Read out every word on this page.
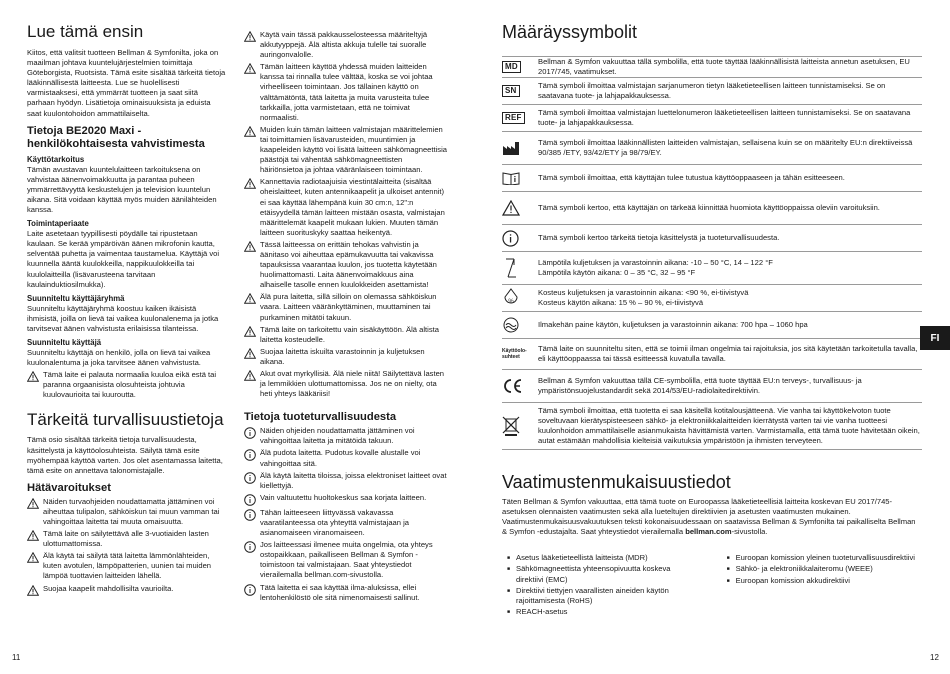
Lue tämä ensin

Kiitos, että valitsit tuotteen Bellman & Symfonilta, joka on maailman johtava kuuntelujärjestelmien toimittaja Göteborgista, Ruotsista. Tämä esite sisältää tärkeitä tietoja lääkinnällisestä laitteesta. Lue se huolellisesti varmistaaksesi, että ymmärrät tuotteen ja saat siitä parhaan hyödyn. Lisätietoja ominaisuuksista ja eduista saat kuulontohoidon ammattilaiselta.

Tietoja BE2020 Maxi -henkilökohtaisesta vahvistimesta
Käyttötarkoitus

Tämän avustavan kuuntelulaitteen tarkoituksena on vahvistaa äänenvoimakkuutta ja parantaa puheen ymmärrettävyyttä keskustelujen ja television kuuntelun aikana. Sitä voidaan käyttää myös muiden äänilähteiden kanssa.

Toimintaperiaate

Laite asetetaan tyypillisesti pöydälle tai ripustetaan kaulaan. Se kerää ympäröivän äänen mikrofonin kautta, selventää puhetta ja vaimentaa taustamelua. Käyttäjä voi kuunnella ääntä kuulokkeilla, nappikuulokkeilla tai kuulolaitteilla (lisävarusteena tarvitaan kaulainduktiosilmukka).

Suunniteltu käyttäjäryhmä

Suunniteltu käyttäjäryhmä koostuu kaiken ikäisistä ihmisistä, joilla on lievä tai vaikea kuulonalenema ja jotka tarvitsevat äänen vahvistusta erilaisissa tilanteissa.

Suunniteltu käyttäjä

Suunniteltu käyttäjä on henkilö, jolla on lievä tai vaikea kuulonalentuma ja joka tarvitsee äänen vahvistusta.

Tämä laite ei palauta normaalia kuuloa eikä estä tai paranna orgaanisista olosuhteista johtuvia kuulovaurioita tai kuuroutta.
Tärkeitä turvallisuustietoja

Tämä osio sisältää tärkeitä tietoja turvallisuudesta, käsittelystä ja käyttöolosuhteista. Säilytä tämä esite myöhempää käyttöä varten. Jos olet asentamassa laitetta, tämä esite on annettava talonomistajalle.

Hätävaroitukset
Näiden turvaohjeiden noudattamatta jättäminen voi aiheuttaa tulipalon, sähköiskun tai muun vamman tai vahingoittaa laitetta tai muuta omaisuutta.
Tämä laite on säilytettävä alle 3-vuotiaiden lasten ulottumattomissa.
Älä käytä tai säilytä tätä laitetta lämmönlähteiden, kuten avotulen, lämpöpatterien, uunien tai muiden lämpöä tuottavien laitteiden lähellä.
Suojaa kaapelit mahdollisilta vaurioilta.
Käytä vain tässä pakkausselosteessa määriteltyjä akkutyyppejä. Älä altista akkuja tulelle tai suoralle auringonvalolle.
Tämän laitteen käyttöä yhdessä muiden laitteiden kanssa tai rinnalla tulee välttää, koska se voi johtaa virheelliseen toimintaan. Jos tällainen käyttö on välttämätöntä, tätä laitetta ja muita varusteita tulee tarkkailla, jotta varmistetaan, että ne toimivat normaalisti.
Muiden kuin tämän laitteen valmistajan määrittelemien tai toimittamien lisävarusteiden, muuntimien ja kaapeleiden käyttö voi lisätä laitteen sähkömagneettisia päästöjä tai vähentää sähkömagneettisten häiriönsietoa ja johtaa vääränlaiseen toimintaan.
Kannettavia radiotaajuisia viestintälaitteita (sisältää oheislaitteet, kuten antennikaapelit ja ulkoiset antennit) ei saa käyttää lähempänä kuin 30 cm:n, 12":n etäisyydellä tämän laitteen mistään osasta, valmistajan määrittelemät kaapelit mukaan lukien. Muuten tämän laitteen suorituskyky saattaa heikentyä.
Tässä laitteessa on erittäin tehokas vahvistin ja äänitaso voi aiheuttaa epämukavuutta tai vakavissa tapauksissa vaarantaa kuulon, jos tuotetta käytetään huolimattomasti. Laita äänenvoimakkuus aina alhaiselle tasolle ennen kuulokkeiden asettamista!
Älä pura laitetta, sillä silloin on olemassa sähköiskun vaara. Laitteen vääränkyttäminen, muuttaminen tai purkaminen mitätöi takuun.
Tämä laite on tarkoitettu vain sisäkäyttöön. Älä altista laitetta kosteudelle.
Suojaa laitetta iskuilta varastoinnin ja kuljetuksen aikana.
Akut ovat myrkyllisiä. Älä niele niitä! Säilytettävä lasten ja lemmikkien ulottumattomissa. Jos ne on nielty, ota heti yhteys lääkäriisi!
Tietoja tuoteturvallisuudesta
Näiden ohjeiden noudattamatta jättäminen voi vahingoittaa laitetta ja mitätöidä takuun.
Älä pudota laitetta. Pudotus kovalle alustalle voi vahingoittaa sitä.
Älä käytä laitetta tiloissa, joissa elektroniset laitteet ovat kiellettyjä.
Vain valtuutettu huoltokeskus saa korjata laitteen.
Tähän laitteeseen liittyvässä vakavassa vaaratilanteessa ota yhteyttä valmistajaan ja asianomaiseen viranomaiseen.
Jos laitteessasi ilmenee muita ongelmia, ota yhteys ostopaikkaan, paikalliseen Bellman & Symfon -toimistoon tai valmistajaan. Saat yhteystiedot vierailemalla bellman.com-sivustolla.
Tätä laitetta ei saa käyttää ilma-aluksissa, ellei lentohenkilöstö ole sitä nimenomaisesti sallinut.
11
Määräyssymbolit
MD
Bellman & Symfon vakuuttaa tällä symbolilla, että tuote täyttää lääkinnällisistä laitteista annetun asetuksen, EU 2017/745, vaatimukset.
SN
Tämä symboli ilmoittaa valmistajan sarjanumeron tietyn lääketieteellisen laitteen tunnistamiseksi. Se on saatavana tuote- ja lahjapakkauksessa.
REF
Tämä symboli ilmoittaa valmistajan luettelonumeron lääketieteellisen laitteen tunnistamiseksi. Se on saatavana tuote- ja lahjapakkauksessa.
Tämä symboli ilmoittaa lääkinnällisten laitteiden valmistajan, sellaisena kuin se on määritelty EU:n direktiiveissä 90/385 /ETY, 93/42/ETY ja 98/79/EY.
Tämä symboli ilmoittaa, että käyttäjän tulee tutustua käyttöoppaaseen ja tähän esitteeseen.
Tämä symboli kertoo, että käyttäjän on tärkeää kiinnittää huomiota käyttöoppaissa oleviin varoituksiin.
Tämä symboli kertoo tärkeitä tietoja käsittelystä ja tuoteturvallisuudesta.
Lämpötila kuljetuksen ja varastoinnin aikana: -10 – 50 °C, 14 – 122 °F
Lämpötila käytön aikana: 0 – 35 °C, 32 – 95 °F
%
Kosteus kuljetuksen ja varastoinnin aikana: <90 %, ei-tiivistyvä
Kosteus käytön aikana: 15 % – 90 %, ei-tiivistyvä
Ilmakehän paine käytön, kuljetuksen ja varastoinnin aikana: 700 hpa – 1060 hpa
Käyttöolo-suhteet
Tämä laite on suunniteltu siten, että se toimii ilman ongelmia tai rajoituksia, jos sitä käytetään tarkoitetulla tavalla, eli käyttöoppaassa tai tässä esitteessä kuvatulla tavalla.
Bellman & Symfon vakuuttaa tällä CE-symbolilla, että tuote täyttää EU:n terveys-, turvallisuus- ja ympäristönsuojelustandardit sekä 2014/53/EU-radiolaitedirektiivin.
Tämä symboli ilmoittaa, että tuotetta ei saa käsitellä kotitalousjätteenä. Vie vanha tai käyttökelvoton tuote soveltuvaan kierätyspisteeseen sähkö- ja elektroniikkalaitteiden kierrätystä varten tai vie vanha tuotteesi kuulonhoidon ammattilaiselle asianmukaista hävittämistä varten. Varmistamalla, että tämä tuote hävitetään oikein, autat estämään mahdollisia kielteisiä vaikutuksia ympäristöön ja ihmisten terveyteen.
Vaatimustenmukaisuustiedot

Täten Bellman & Symfon vakuuttaa, että tämä tuote on Euroopassa lääketieteellisiä laitteita koskevan EU 2017/745-asetuksen olennaisten vaatimusten sekä alla lueteltujen direktiivien ja asetusten vaatimusten mukainen. Vaatimustenmukaisuusvakuutuksen teksti kokonaisuudessaan on saatavissa Bellman & Symfonilta tai paikalliselta Bellman & Symfon -edustajalta. Saat yhteystiedot vierailemalla bellman.com-sivustolla.

■ Asetus lääketieteellistä laitteista (MDR)
■ Sähkömagneettista yhteensopivuutta koskeva direktiivi (EMC)
■ Direktiivi tiettyjen vaarallisten aineiden käytön rajoittamisesta (RoHS)
■ REACH-asetus
■ Euroopan komission yleinen tuoteturvallisuusdirektiivi
■ Sähkö- ja elektroniikkalaiteromu (WEEE)
■ Euroopan komission akkudirektiivi
12
FI
